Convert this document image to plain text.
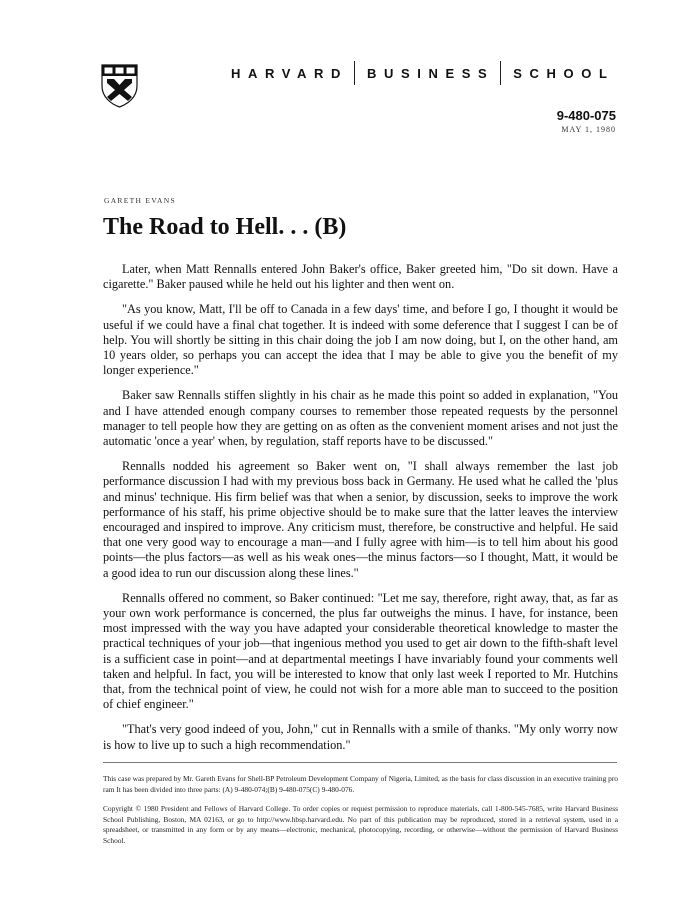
HARVARD BUSINESS SCHOOL
9-480-075
MAY 1, 1980
GARETH EVANS
The Road to Hell. . . (B)

Later, when Matt Rennalls entered John Baker's office, Baker greeted him, "Do sit down. Have a cigarette." Baker paused while he held out his lighter and then went on.

"As you know, Matt, I'll be off to Canada in a few days' time, and before I go, I thought it would be useful if we could have a final chat together. It is indeed with some deference that I suggest I can be of help. You will shortly be sitting in this chair doing the job I am now doing, but I, on the other hand, am 10 years older, so perhaps you can accept the idea that I may be able to give you the benefit of my longer experience."

Baker saw Rennalls stiffen slightly in his chair as he made this point so added in explanation, "You and I have attended enough company courses to remember those repeated requests by the personnel manager to tell people how they are getting on as often as the convenient moment arises and not just the automatic 'once a year' when, by regulation, staff reports have to be discussed."

Rennalls nodded his agreement so Baker went on, "I shall always remember the last job performance discussion I had with my previous boss back in Germany. He used what he called the 'plus and minus' technique. His firm belief was that when a senior, by discussion, seeks to improve the work performance of his staff, his prime objective should be to make sure that the latter leaves the interview encouraged and inspired to improve. Any criticism must, therefore, be constructive and helpful. He said that one very good way to encourage a man—and I fully agree with him—is to tell him about his good points—the plus factors—as well as his weak ones—the minus factors—so I thought, Matt, it would be a good idea to run our discussion along these lines."

Rennalls offered no comment, so Baker continued: "Let me say, therefore, right away, that, as far as your own work performance is concerned, the plus far outweighs the minus. I have, for instance, been most impressed with the way you have adapted your considerable theoretical knowledge to master the practical techniques of your job—that ingenious method you used to get air down to the fifth-shaft level is a sufficient case in point—and at departmental meetings I have invariably found your comments well taken and helpful. In fact, you will be interested to know that only last week I reported to Mr. Hutchins that, from the technical point of view, he could not wish for a more able man to succeed to the position of chief engineer."

"That's very good indeed of you, John," cut in Rennalls with a smile of thanks. "My only worry now is how to live up to such a high recommendation."

This case was prepared by Mr. Gareth Evans for Shell-BP Petroleum Development Company of Nigeria, Limited, as the basis for class discussion in an executive training pro ram It has been divided into three parts: (A) 9-480-074;(B) 9-480-075(C) 9-480-076.
Copyright © 1980 President and Fellows of Harvard College. To order copies or request permission to reproduce materials, call 1-800-545-7685, write Harvard Business School Publishing, Boston, MA 02163, or go to http://www.hbsp.harvard.edu. No part of this publication may be reproduced, stored in a retrieval system, used in a spreadsheet, or transmitted in any form or by any means—electronic, mechanical, photocopying, recording, or otherwise—without the permission of Harvard Business School.
